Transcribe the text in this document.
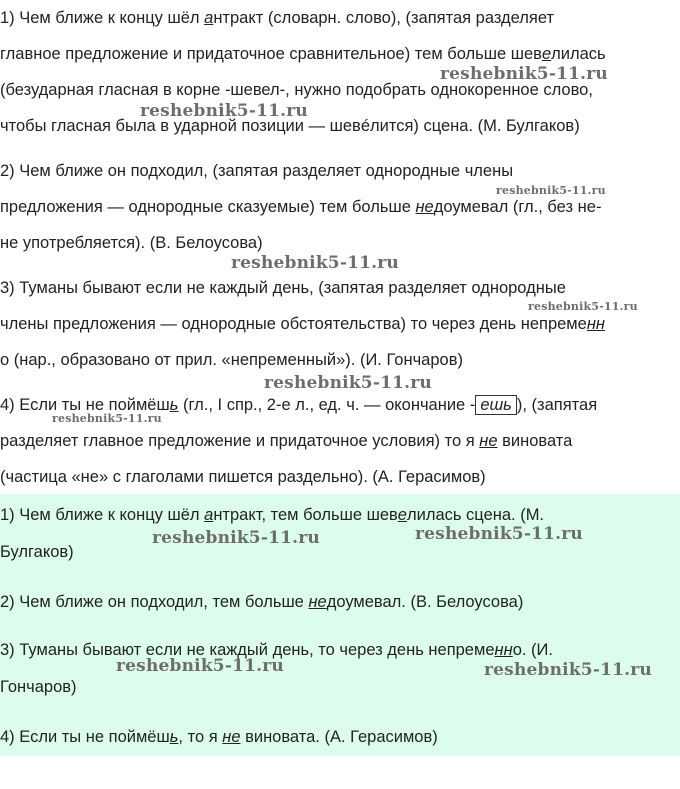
1) Чем ближе к концу шёл антракт (словарн. слово), (запятая разделяет
главное предложение и придаточное сравнительное) тем больше шевелилась
(безударная гласная в корне -шевел-, нужно подобрать однокоренное слово,
чтобы гласная была в ударной позиции — шевéлится) сцена. (М. Булгаков)
2) Чем ближе он подходил, (запятая разделяет однородные члены
предложения — однородные сказуемые) тем больше недоумевал (гл., без не-
не употребляется). (В. Белоусова)
3) Туманы бывают если не каждый день, (запятая разделяет однородные
члены предложения — однородные обстоятельства) то через день непременн
о (нар., образовано от прил. «непременный»). (И. Гончаров)
4) Если ты не поймёшь (гл., I спр., 2-е л., ед. ч. — окончание - ешь ), (запятая
разделяет главное предложение и придаточное условия) то я не виновата
(частица «не» с глаголами пишется раздельно). (А. Герасимов)
1) Чем ближе к концу шёл антракт, тем больше шевелилась сцена. (М.
Булгаков)
2) Чем ближе он подходил, тем больше недоумевал. (В. Белоусова)
3) Туманы бывают если не каждый день, то через день непременно. (И.
Гончаров)
4) Если ты не поймёшь, то я не виновата. (А. Герасимов)
reshebnik5-11.ru
reshebnik5-11.ru
reshebnik5-11.ru
reshebnik5-11.ru
reshebnik5-11.ru
reshebnik5-11.ru
reshebnik5-11.ru
reshebnik5-11.ru	reshebnik5-11.ru
reshebnik5-11.ru	reshebnik5-11.ru
